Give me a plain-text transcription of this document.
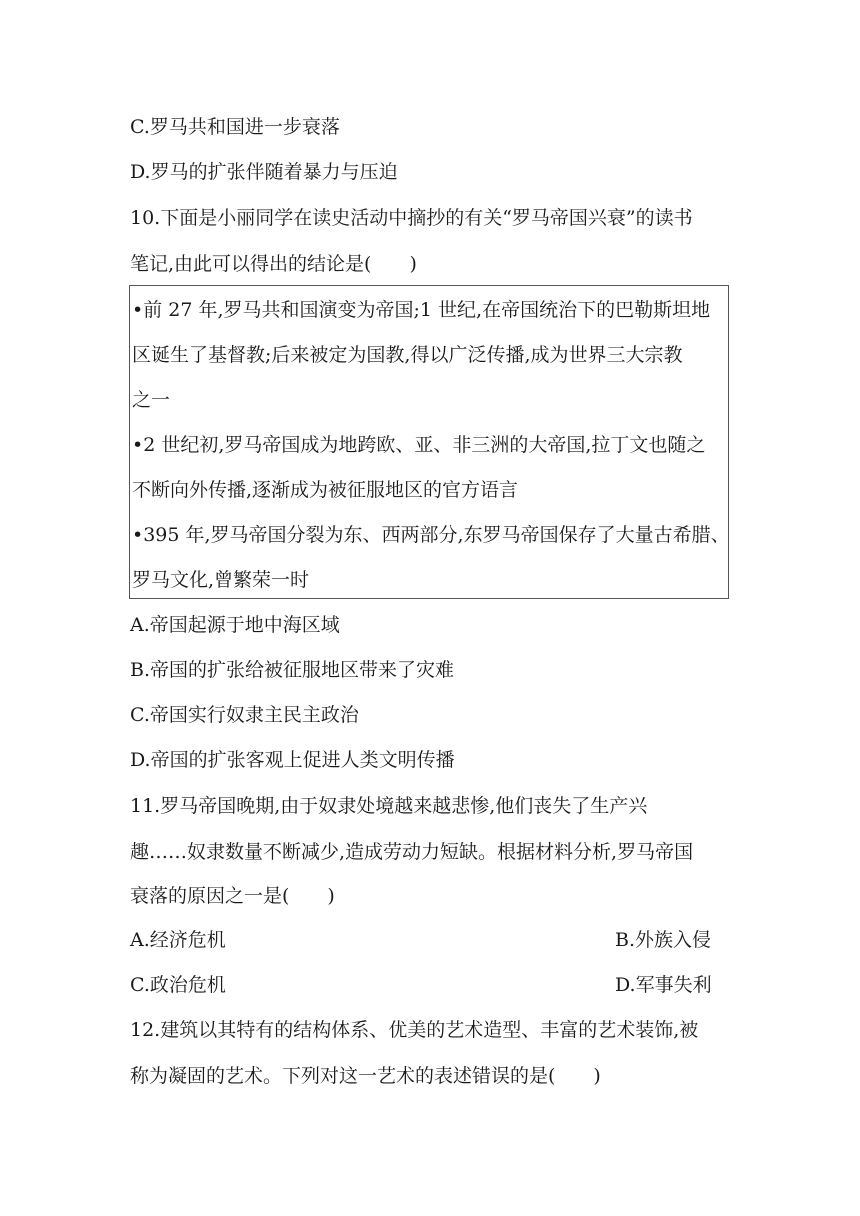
C.罗马共和国进一步衰落
D.罗马的扩张伴随着暴力与压迫
10.下面是小丽同学在读史活动中摘抄的有关“罗马帝国兴衰”的读书
笔记,由此可以得出的结论是(　　)
•前 27 年,罗马共和国演变为帝国;1 世纪,在帝国统治下的巴勒斯坦地
区诞生了基督教;后来被定为国教,得以广泛传播,成为世界三大宗教
之一
•2 世纪初,罗马帝国成为地跨欧、亚、非三洲的大帝国,拉丁文也随之
不断向外传播,逐渐成为被征服地区的官方语言
•395 年,罗马帝国分裂为东、西两部分,东罗马帝国保存了大量古希腊、
罗马文化,曾繁荣一时
A.帝国起源于地中海区域
B.帝国的扩张给被征服地区带来了灾难
C.帝国实行奴隶主民主政治
D.帝国的扩张客观上促进人类文明传播
11.罗马帝国晚期,由于奴隶处境越来越悲惨,他们丧失了生产兴
趣……奴隶数量不断减少,造成劳动力短缺。根据材料分析,罗马帝国
衰落的原因之一是(　　)
A.经济危机	B.外族入侵
C.政治危机	D.军事失利
12.建筑以其特有的结构体系、优美的艺术造型、丰富的艺术装饰,被
称为凝固的艺术。下列对这一艺术的表述错误的是(　　)
